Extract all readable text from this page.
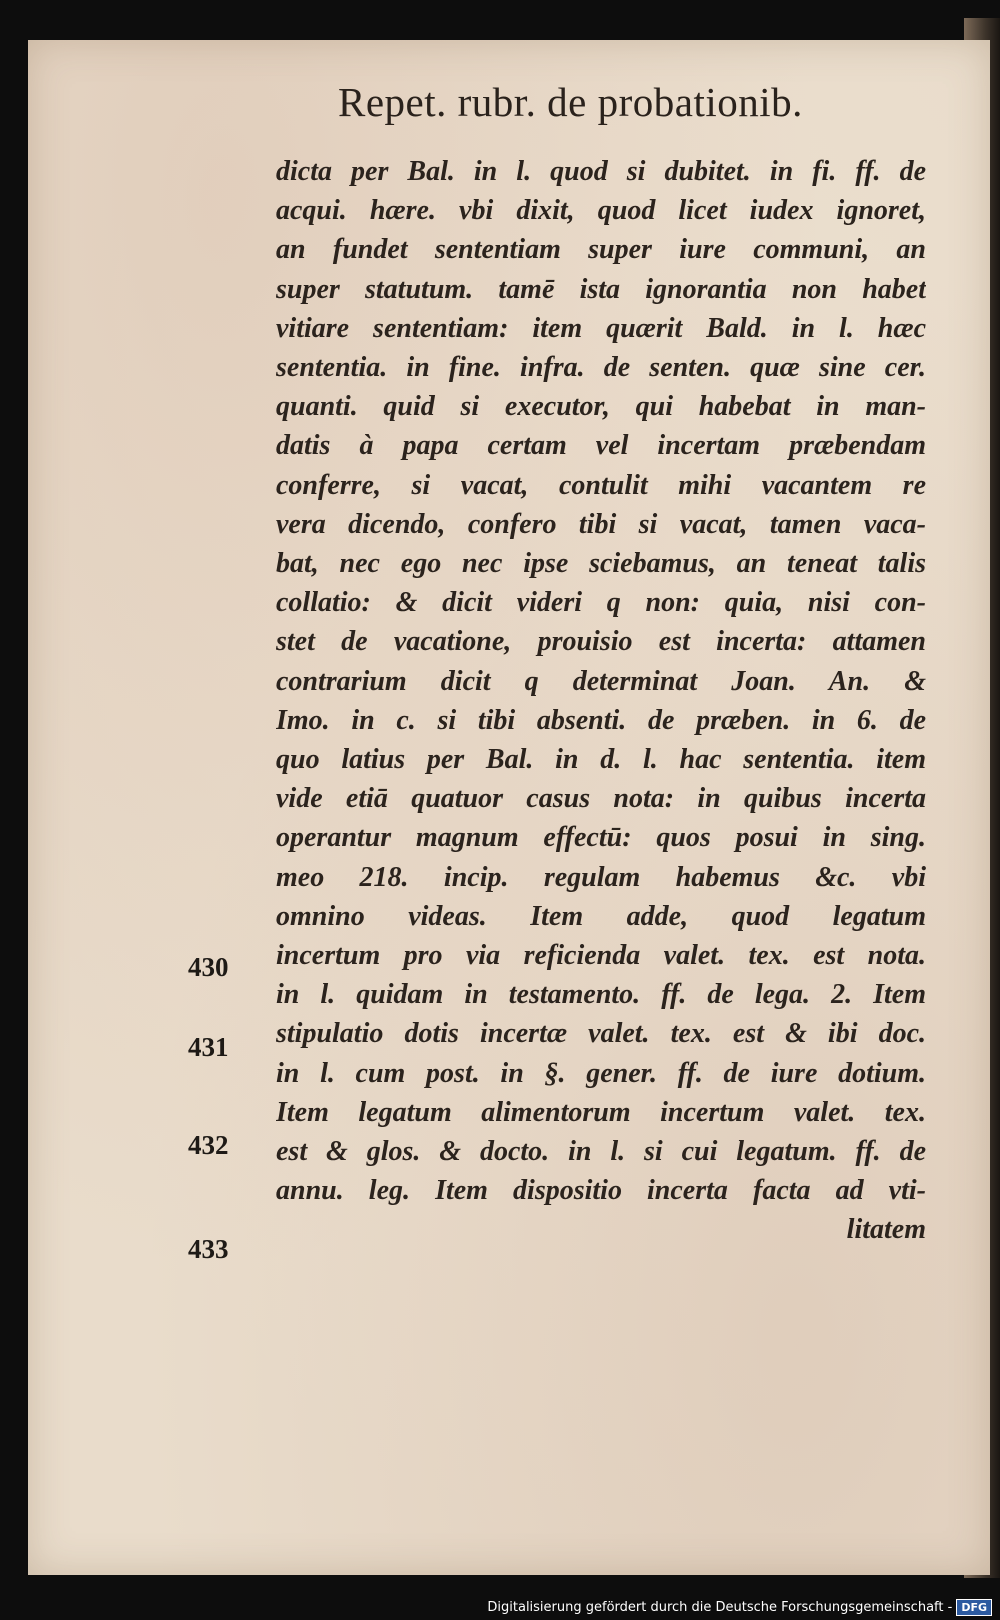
Repet. rubr. de probationib.
dicta per Bal. in l. quod si dubitet. in fi. ff. de
acqui. hære. vbi dixit, quod licet iudex ignoret,
an fundet sententiam super iure communi, an
super statutum. tamē ista ignorantia non habet
vitiare sententiam: item quærit Bald. in l. hæc
sententia. in fine. infra. de senten. quæ sine cer.
quanti. quid si executor, qui habebat in man-
datis à papa certam vel incertam præbendam
conferre, si vacat, contulit mihi vacantem re
vera dicendo, confero tibi si vacat, tamen vaca-
bat, nec ego nec ipse sciebamus, an teneat talis
collatio: & dicit videri q non: quia, nisi con-
stet de vacatione, prouisio est incerta: attamen
contrarium dicit q determinat Joan. An. &
Imo. in c. si tibi absenti. de præben. in 6. de
quo latius per Bal. in d. l. hac sententia. item
vide etiā quatuor casus nota: in quibus incerta
operantur magnum effectū: quos posui in sing.
meo 218. incip. regulam habemus &c. vbi
omnino videas. Item adde, quod legatum
incertum pro via reficienda valet. tex. est nota.
in l. quidam in testamento. ff. de lega. 2. Item
stipulatio dotis incertæ valet. tex. est & ibi doc.
in l. cum post. in §. gener. ff. de iure dotium.
Item legatum alimentorum incertum valet. tex.
est & glos. & docto. in l. si cui legatum. ff. de
annu. leg. Item dispositio incerta facta ad vti-
litatem
430
431
432
433
Digitalisierung gefördert durch die Deutsche Forschungsgemeinschaft - DFG
